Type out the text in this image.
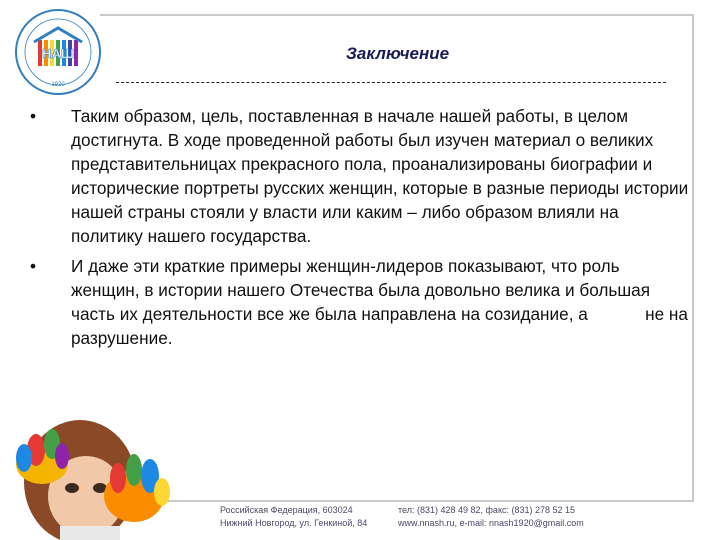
НАШ
1920
Заключение
•	Таким образом, цель, поставленная в начале нашей работы, в целом достигнута. В ходе проведенной работы был изучен материал о великих представительницах прекрасного пола, проанализированы биографии и исторические портреты русских женщин, которые в разные периоды истории нашей страны стояли у власти или каким – либо образом влияли на политику нашего государства.
•	И даже эти краткие примеры женщин-лидеров показывают, что роль женщин, в истории нашего Отечества была довольно велика и большая часть их деятельности все же была направлена на созидание, а            не на разрушение.
Российская Федерация, 603024
Нижний Новгород, ул. Генкиной, 84
тел: (831) 428 49 82, факс: (831) 278 52 15
www.nnash.ru, e-mail: nnash1920@gmail.com
